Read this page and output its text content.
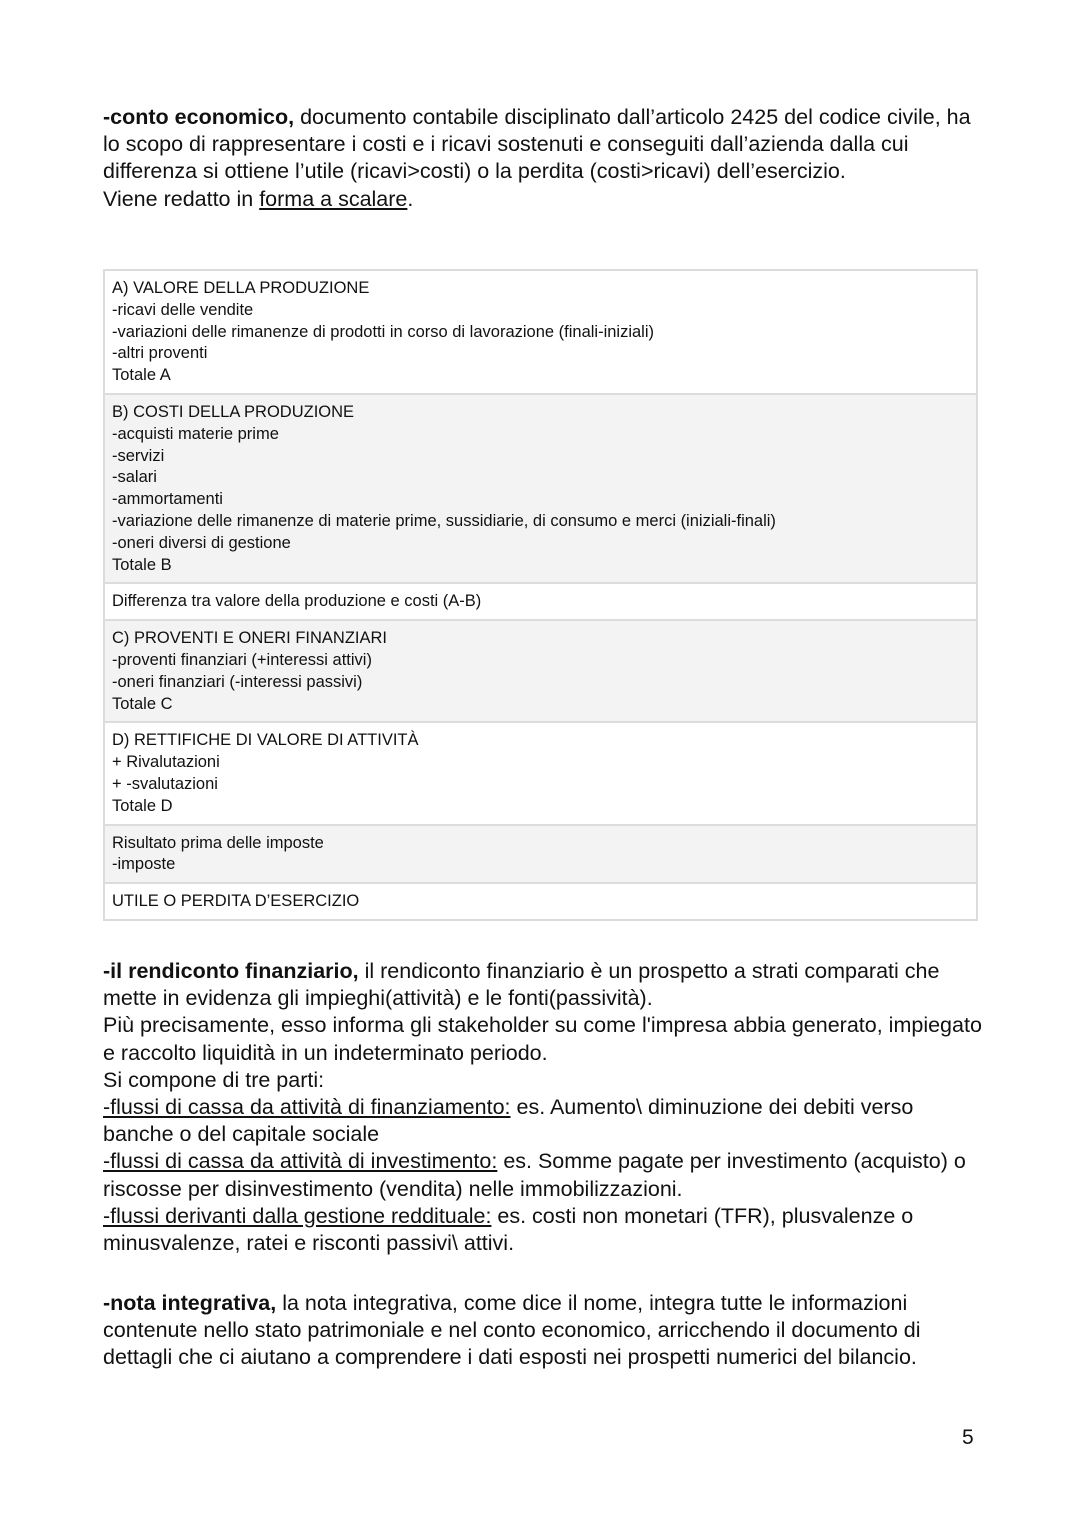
-conto economico, documento contabile disciplinato dall’articolo 2425 del codice civile, ha lo scopo di rappresentare i costi e i ricavi sostenuti e conseguiti dall’azienda dalla cui differenza si ottiene l’utile (ricavi>costi) o la perdita (costi>ricavi) dell’esercizio.
Viene redatto in forma a scalare.
A) VALORE DELLA PRODUZIONE
-ricavi delle vendite
-variazioni delle rimanenze di prodotti in corso di lavorazione (finali-iniziali)
-altri proventi
Totale A

B) COSTI DELLA PRODUZIONE
-acquisti materie prime
-servizi
-salari
-ammortamenti
-variazione delle rimanenze di materie prime, sussidiarie, di consumo e merci (iniziali-finali)
-oneri diversi di gestione
Totale B

Differenza tra valore della produzione e costi (A-B)

C) PROVENTI E ONERI FINANZIARI
-proventi finanziari (+interessi attivi)
-oneri finanziari (-interessi passivi)
Totale C

D) RETTIFICHE DI VALORE DI ATTIVITÀ
+ Rivalutazioni
+ -svalutazioni
Totale D

Risultato prima delle imposte
-imposte

UTILE O PERDITA D’ESERCIZIO
-il rendiconto finanziario, il rendiconto finanziario è un prospetto a strati comparati che mette in evidenza gli impieghi(attività) e le fonti(passività).
Più precisamente, esso informa gli stakeholder su come l'impresa abbia generato, impiegato e raccolto liquidità in un indeterminato periodo.
Si compone di tre parti:
-flussi di cassa da attività di finanziamento: es. Aumento\ diminuzione dei debiti verso banche o del capitale sociale
-flussi di cassa da attività di investimento: es. Somme pagate per investimento (acquisto) o riscosse per disinvestimento (vendita) nelle immobilizzazioni.
-flussi derivanti dalla gestione reddituale: es. costi non monetari (TFR), plusvalenze o minusvalenze, ratei e risconti passivi\ attivi.
-nota integrativa, la nota integrativa, come dice il nome, integra tutte le informazioni contenute nello stato patrimoniale e nel conto economico, arricchendo il documento di dettagli che ci aiutano a comprendere i dati esposti nei prospetti numerici del bilancio.
5
